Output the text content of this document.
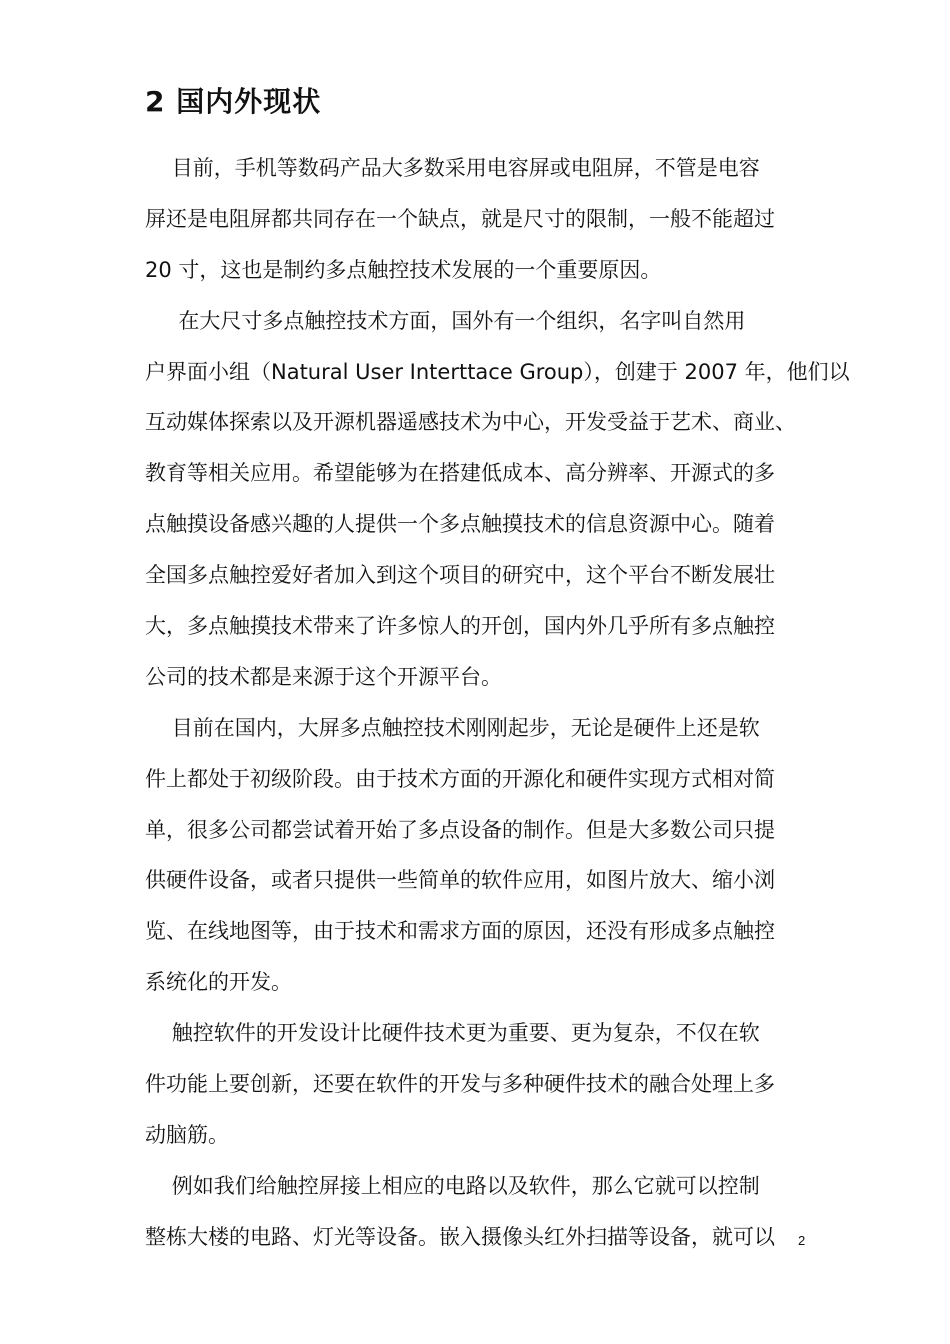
2 国内外现状
目前，手机等数码产品大多数采用电容屏或电阻屏，不管是电容
屏还是电阻屏都共同存在一个缺点，就是尺寸的限制，一般不能超过
20 寸，这也是制约多点触控技术发展的一个重要原因。
在大尺寸多点触控技术方面，国外有一个组织，名字叫自然用
户界面小组（Natural User Interttace Group），创建于 2007 年，他们以
互动媒体探索以及开源机器遥感技术为中心，开发受益于艺术、商业、
教育等相关应用。希望能够为在搭建低成本、高分辨率、开源式的多
点触摸设备感兴趣的人提供一个多点触摸技术的信息资源中心。随着
全国多点触控爱好者加入到这个项目的研究中，这个平台不断发展壮
大，多点触摸技术带来了许多惊人的开创，国内外几乎所有多点触控
公司的技术都是来源于这个开源平台。
目前在国内，大屏多点触控技术刚刚起步，无论是硬件上还是软
件上都处于初级阶段。由于技术方面的开源化和硬件实现方式相对简
单，很多公司都尝试着开始了多点设备的制作。但是大多数公司只提
供硬件设备，或者只提供一些简单的软件应用，如图片放大、缩小浏
览、在线地图等，由于技术和需求方面的原因，还没有形成多点触控
系统化的开发。
触控软件的开发设计比硬件技术更为重要、更为复杂，不仅在软
件功能上要创新，还要在软件的开发与多种硬件技术的融合处理上多
动脑筋。
例如我们给触控屏接上相应的电路以及软件，那么它就可以控制
整栋大楼的电路、灯光等设备。嵌入摄像头红外扫描等设备，就可以	2
